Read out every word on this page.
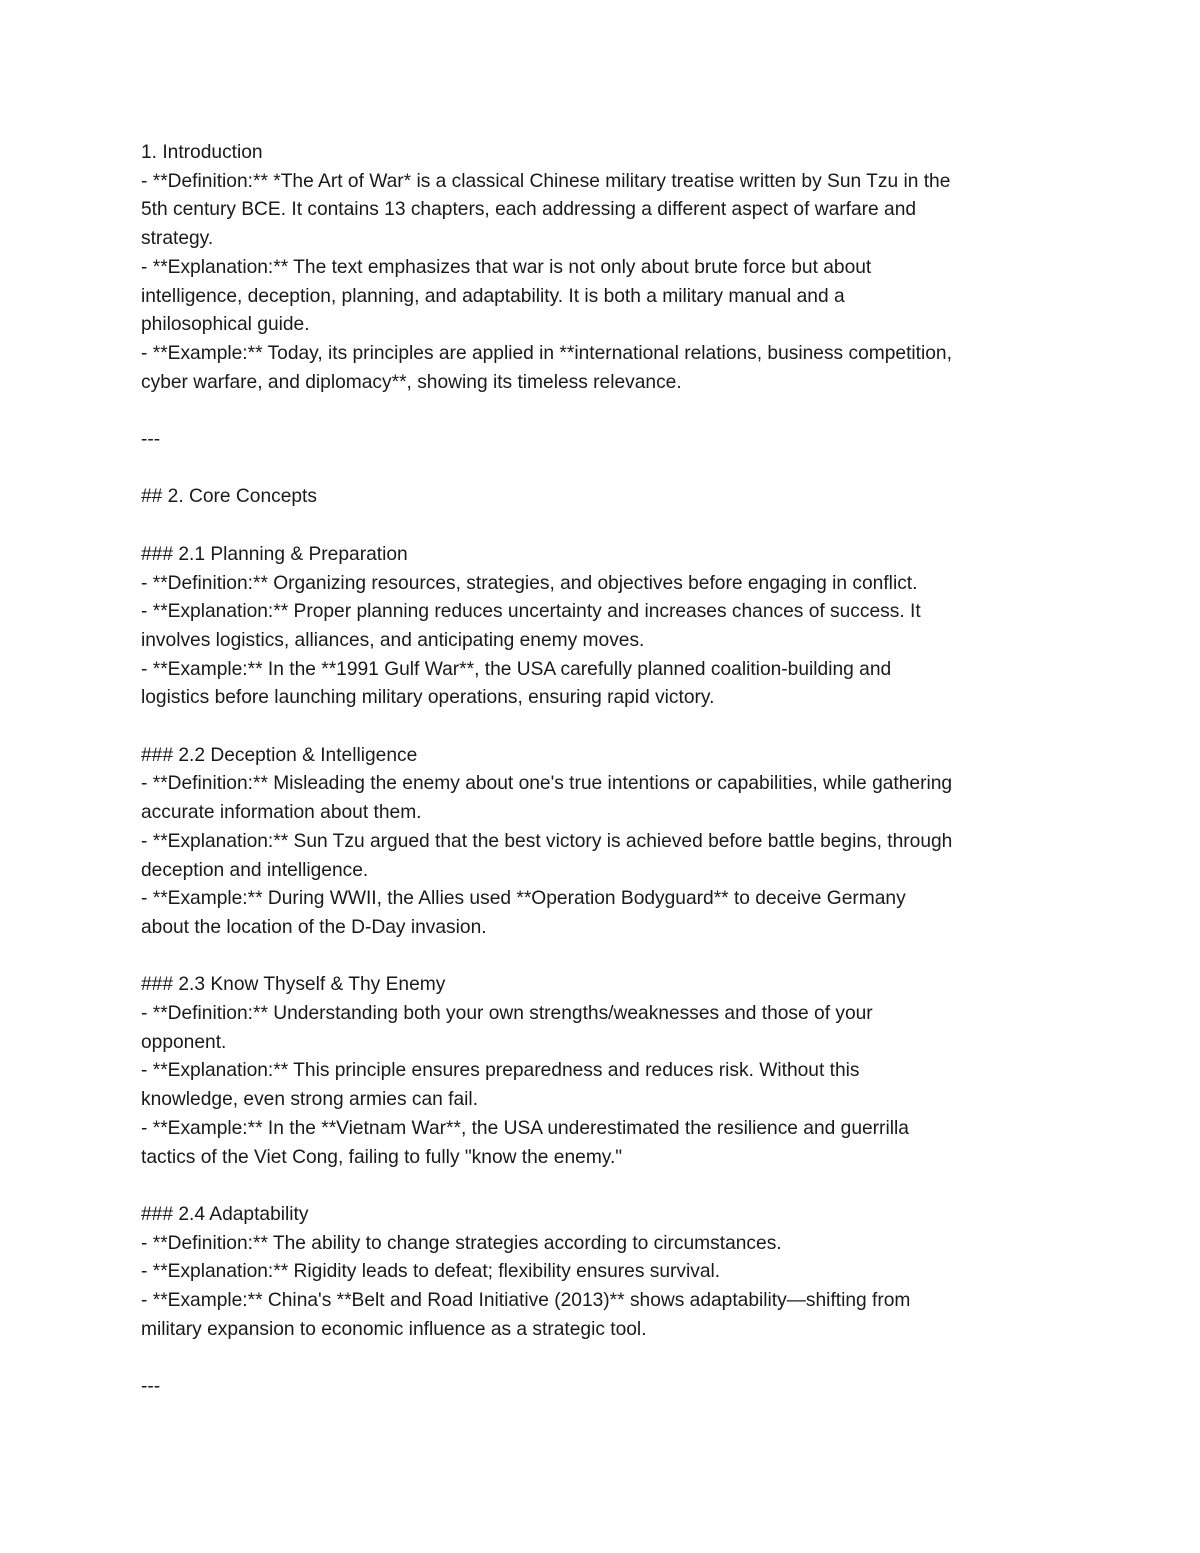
1. Introduction
- **Definition:** *The Art of War* is a classical Chinese military treatise written by Sun Tzu in the
5th century BCE. It contains 13 chapters, each addressing a different aspect of warfare and
strategy.
- **Explanation:** The text emphasizes that war is not only about brute force but about
intelligence, deception, planning, and adaptability. It is both a military manual and a
philosophical guide.
- **Example:** Today, its principles are applied in **international relations, business competition,
cyber warfare, and diplomacy**, showing its timeless relevance.
---
## 2. Core Concepts
### 2.1 Planning & Preparation
- **Definition:** Organizing resources, strategies, and objectives before engaging in conflict.
- **Explanation:** Proper planning reduces uncertainty and increases chances of success. It
involves logistics, alliances, and anticipating enemy moves.
- **Example:** In the **1991 Gulf War**, the USA carefully planned coalition-building and
logistics before launching military operations, ensuring rapid victory.
### 2.2 Deception & Intelligence
- **Definition:** Misleading the enemy about one's true intentions or capabilities, while gathering
accurate information about them.
- **Explanation:** Sun Tzu argued that the best victory is achieved before battle begins, through
deception and intelligence.
- **Example:** During WWII, the Allies used **Operation Bodyguard** to deceive Germany
about the location of the D-Day invasion.
### 2.3 Know Thyself & Thy Enemy
- **Definition:** Understanding both your own strengths/weaknesses and those of your
opponent.
- **Explanation:** This principle ensures preparedness and reduces risk. Without this
knowledge, even strong armies can fail.
- **Example:** In the **Vietnam War**, the USA underestimated the resilience and guerrilla
tactics of the Viet Cong, failing to fully "know the enemy."
### 2.4 Adaptability
- **Definition:** The ability to change strategies according to circumstances.
- **Explanation:** Rigidity leads to defeat; flexibility ensures survival.
- **Example:** China's **Belt and Road Initiative (2013)** shows adaptability—shifting from
military expansion to economic influence as a strategic tool.
---
